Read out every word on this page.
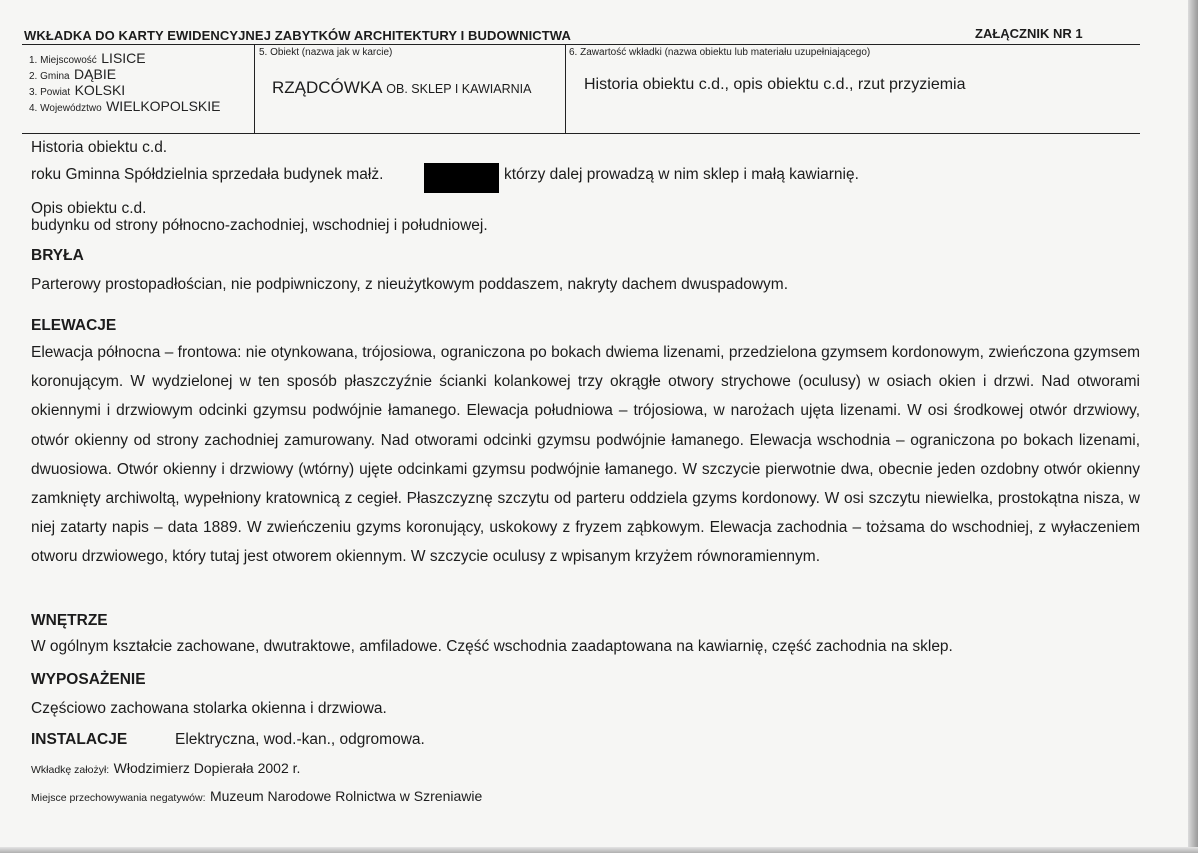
WKŁADKA DO KARTY EWIDENCYJNEJ ZABYTKÓW ARCHITEKTURY I BUDOWNICTWA	ZAŁĄCZNIK NR 1
1. Miejscowość LISICE
2. Gmina DĄBIE
3. Powiat KOLSKI
4. Województwo WIELKOPOLSKIE
5. Obiekt (nazwa jak w karcie)
RZĄDCÓWKA OB. SKLEP I KAWIARNIA
6. Zawartość wkładki (nazwa obiektu lub materiału uzupełniającego)
Historia obiektu c.d., opis obiektu c.d., rzut przyziemia
Historia obiektu c.d.
roku Gminna Spółdzielnia sprzedała budynek małż.	którzy dalej prowadzą w nim sklep i małą kawiarnię.
Opis obiektu c.d.
budynku od strony północno-zachodniej, wschodniej i południowej.
BRYŁA
Parterowy prostopadłościan, nie podpiwniczony, z nieużytkowym poddaszem, nakryty dachem dwuspadowym.
ELEWACJE
Elewacja północna – frontowa: nie otynkowana, trójosiowa, ograniczona po bokach dwiema lizenami, przedzielona gzymsem kordonowym, zwieńczona gzymsem koronującym. W wydzielonej w ten sposób płaszczyźnie ścianki kolankowej trzy okrągłe otwory strychowe (oculusy) w osiach okien i drzwi. Nad otworami okiennymi i drzwiowym odcinki gzymsu podwójnie łamanego. Elewacja południowa – trójosiowa, w narożach ujęta lizenami. W osi środkowej otwór drzwiowy, otwór okienny od strony zachodniej zamurowany. Nad otworami odcinki gzymsu podwójnie łamanego. Elewacja wschodnia – ograniczona po bokach lizenami, dwuosiowa. Otwór okienny i drzwiowy (wtórny) ujęte odcinkami gzymsu podwójnie łamanego. W szczycie pierwotnie dwa, obecnie jeden ozdobny otwór okienny zamknięty archiwoltą, wypełniony kratownicą z cegieł. Płaszczyznę szczytu od parteru oddziela gzyms kordonowy. W osi szczytu niewielka, prostokątna nisza, w niej zatarty napis – data 1889. W zwieńczeniu gzyms koronujący, uskokowy z fryzem ząbkowym. Elewacja zachodnia – tożsama do wschodniej, z wyłaczeniem otworu drzwiowego, który tutaj jest otworem okiennym. W szczycie oculusy z wpisanym krzyżem równoramiennym.
WNĘTRZE
W ogólnym kształcie zachowane, dwutraktowe, amfiladowe. Część wschodnia zaadaptowana na kawiarnię, część zachodnia na sklep.
WYPOSAŻENIE
Częściowo zachowana stolarka okienna i drzwiowa.
INSTALACJE	Elektryczna, wod.-kan., odgromowa.
Wkładkę założył: Włodzimierz Dopierała 2002 r.
Miejsce przechowywania negatywów: Muzeum Narodowe Rolnictwa w Szreniawie
